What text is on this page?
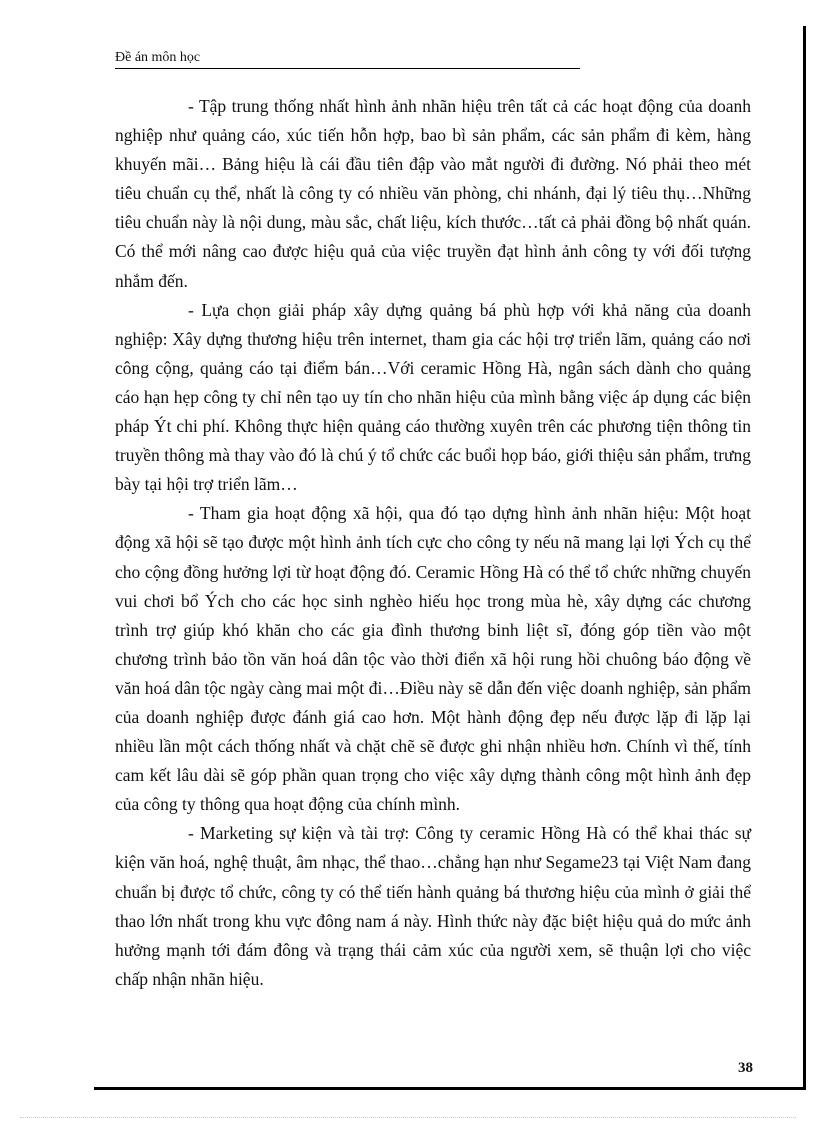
Đề án môn học

- Tập trung thống nhất hình ảnh nhãn hiệu trên tất cả các hoạt động của doanh nghiệp như quảng cáo, xúc tiến hỗn hợp, bao bì sản phẩm, các sản phẩm đi kèm, hàng khuyến mãi… Bảng hiệu là cái đầu tiên đập vào mắt người đi đường. Nó phải theo mét tiêu chuẩn cụ thể, nhất là công ty có nhiều văn phòng, chi nhánh, đại lý tiêu thụ…Những tiêu chuẩn này là nội dung, màu sắc, chất liệu, kích thước…tất cả phải đồng bộ nhất quán. Có thể mới nâng cao được hiệu quả của việc truyền đạt hình ảnh công ty với đối tượng nhắm đến.

- Lựa chọn giải pháp xây dựng quảng bá phù hợp với khả năng của doanh nghiệp: Xây dựng thương hiệu trên internet, tham gia các hội trợ triển lãm, quảng cáo nơi công cộng, quảng cáo tại điểm bán…Với ceramic Hồng Hà, ngân sách dành cho quảng cáo hạn hẹp công ty chỉ nên tạo uy tín cho nhãn hiệu của mình bằng việc áp dụng các biện pháp Ýt chi phí. Không thực hiện quảng cáo thường xuyên trên các phương tiện thông tin truyền thông mà thay vào đó là chú ý tổ chức các buổi họp báo, giới thiệu sản phẩm, trưng bày tại hội trợ triển lãm…

- Tham gia hoạt động xã hội, qua đó tạo dựng hình ảnh nhãn hiệu: Một hoạt động xã hội sẽ tạo được một hình ảnh tích cực cho công ty nếu nã mang lại lợi Ých cụ thể cho cộng đồng hưởng lợi từ hoạt động đó. Ceramic Hồng Hà có thể tổ chức những chuyến vui chơi bổ Ých cho các học sinh nghèo hiếu học trong mùa hè, xây dựng các chương trình trợ giúp khó khăn cho các gia đình thương binh liệt sĩ, đóng góp tiền vào một chương trình bảo tồn văn hoá dân tộc vào thời điển xã hội rung hồi chuông báo động về văn hoá dân tộc ngày càng mai một đi…Điều này sẽ dẫn đến việc doanh nghiệp, sản phẩm của doanh nghiệp được đánh giá cao hơn. Một hành động đẹp nếu được lặp đi lặp lại nhiều lần một cách thống nhất và chặt chẽ sẽ được ghi nhận nhiều hơn. Chính vì thế, tính cam kết lâu dài sẽ góp phần quan trọng cho việc xây dựng thành công một hình ảnh đẹp của công ty thông qua hoạt động của chính mình.

- Marketing sự kiện và tài trợ: Công ty ceramic Hồng Hà có thể khai thác sự kiện văn hoá, nghệ thuật, âm nhạc, thể thao…chẳng hạn như Segame23 tại Việt Nam đang chuẩn bị được tổ chức, công ty có thể tiến hành quảng bá thương hiệu của mình ở giải thể thao lớn nhất trong khu vực đông nam á này. Hình thức này đặc biệt hiệu quả do mức ảnh hưởng mạnh tới đám đông và trạng thái cảm xúc của người xem, sẽ thuận lợi cho việc chấp nhận nhãn hiệu.

38
